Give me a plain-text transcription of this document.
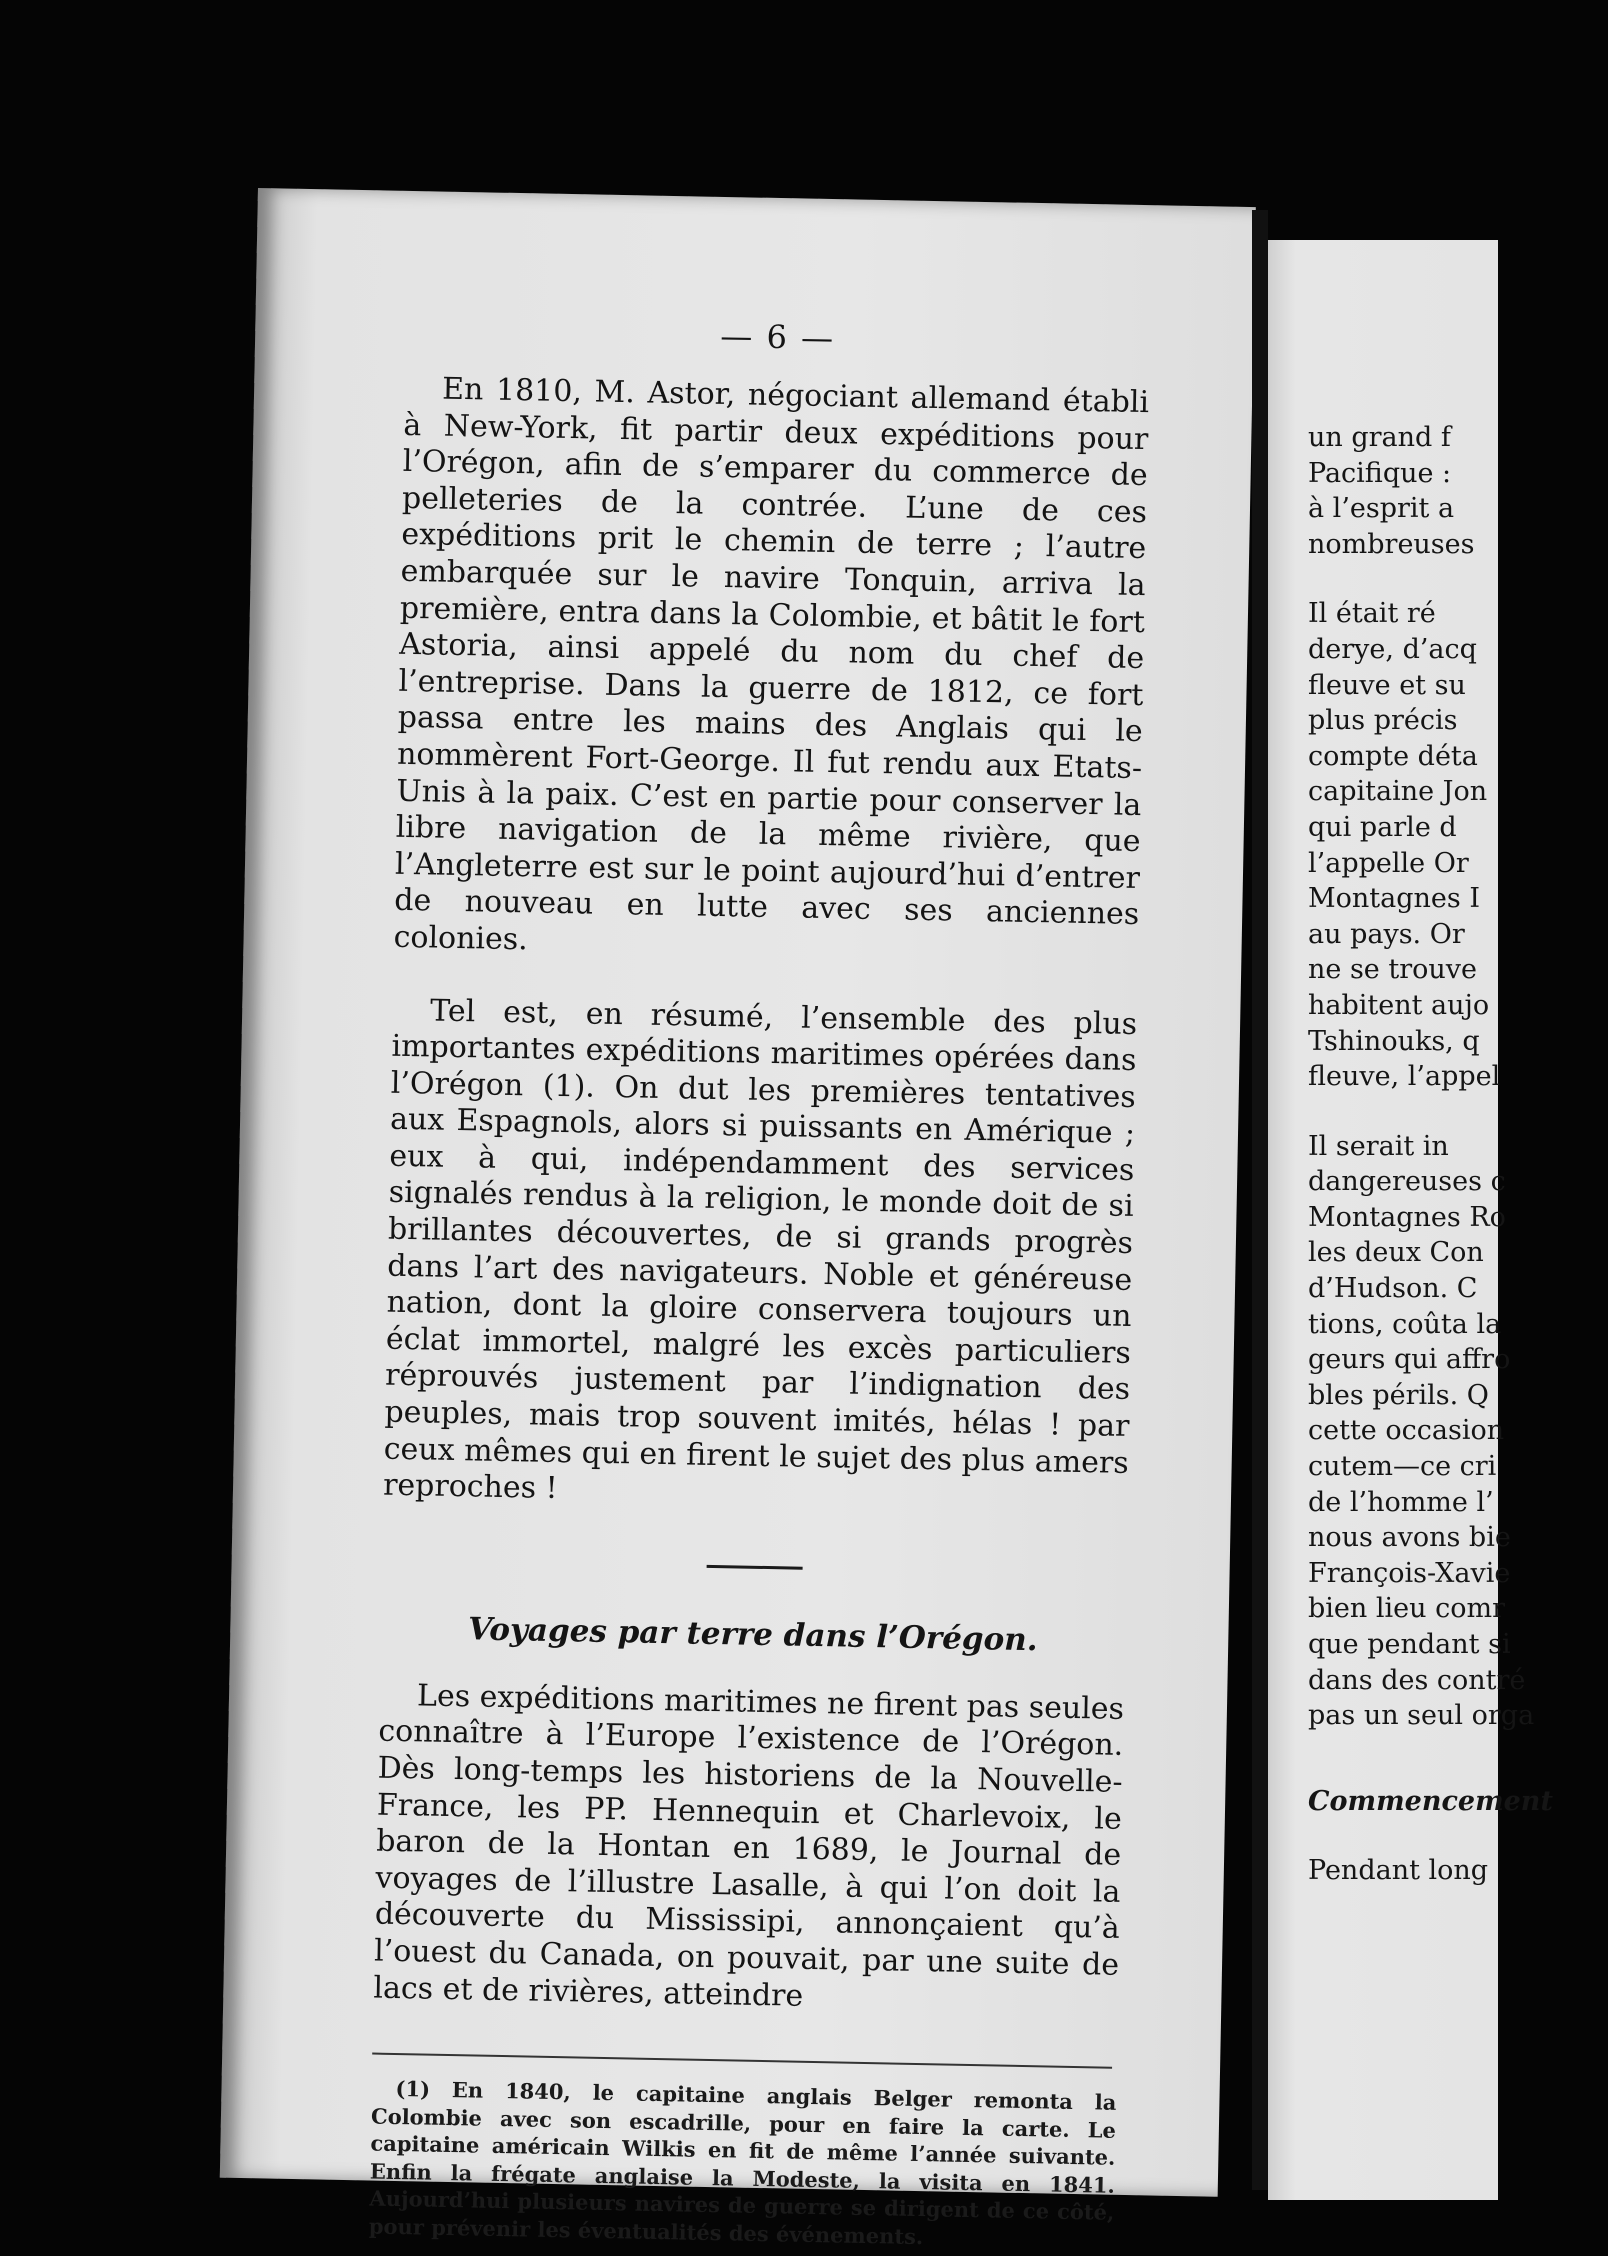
— 6 —

En 1810, M. Astor, négociant allemand établi à New-York, fit partir deux expéditions pour l’Orégon, afin de s’emparer du commerce de pelleteries de la contrée. L’une de ces expéditions prit le chemin de terre ; l’autre embarquée sur le navire Tonquin, arriva la première, entra dans la Colombie, et bâtit le fort Astoria, ainsi appelé du nom du chef de l’entreprise. Dans la guerre de 1812, ce fort passa entre les mains des Anglais qui le nommèrent Fort-George. Il fut rendu aux Etats-Unis à la paix. C’est en partie pour conserver la libre navigation de la même rivière, que l’Angleterre est sur le point aujourd’hui d’entrer de nouveau en lutte avec ses anciennes colonies.

Tel est, en résumé, l’ensemble des plus importantes expéditions maritimes opérées dans l’Orégon (1). On dut les premières tentatives aux Espagnols, alors si puissants en Amérique ; eux à qui, indépendamment des services signalés rendus à la religion, le monde doit de si brillantes découvertes, de si grands progrès dans l’art des navigateurs. Noble et généreuse nation, dont la gloire conservera toujours un éclat immortel, malgré les excès particuliers réprouvés justement par l’indignation des peuples, mais trop souvent imités, hélas ! par ceux mêmes qui en firent le sujet des plus amers reproches !

Voyages par terre dans l’Orégon.

Les expéditions maritimes ne firent pas seules connaître à l’Europe l’existence de l’Orégon. Dès long-temps les historiens de la Nouvelle-France, les PP. Hennequin et Charlevoix, le baron de la Hontan en 1689, le Journal de voyages de l’illustre Lasalle, à qui l’on doit la découverte du Mississipi, annonçaient qu’à l’ouest du Canada, on pouvait, par une suite de lacs et de rivières, atteindre

(1) En 1840, le capitaine anglais Belger remonta la Colombie avec son escadrille, pour en faire la carte. Le capitaine américain Wilkis en fit de même l’année suivante. Enfin la frégate anglaise la Modeste, la visita en 1841. Aujourd’hui plusieurs navires de guerre se dirigent de ce côté, pour prévenir les éventualités des événements.

un grand f
Pacifique :
à l’esprit a
nombreuses
Il était ré
derye, d’acq
fleuve et su
plus précis
compte déta
capitaine Jon
qui parle d
l’appelle Or
Montagnes I
au pays. Or
ne se trouve
habitent aujo
Tshinouks, q
fleuve, l’appel
Il serait in
dangereuses c
Montagnes Ro
les deux Con
d’Hudson. C
tions, coûta la
geurs qui affro
bles périls. Q
cette occasion
cutem—ce cri
de l’homme l’
nous avons bie
François-Xavie
bien lieu comr
que pendant si
dans des contré
pas un seul orga
Commencement
Pendant long
